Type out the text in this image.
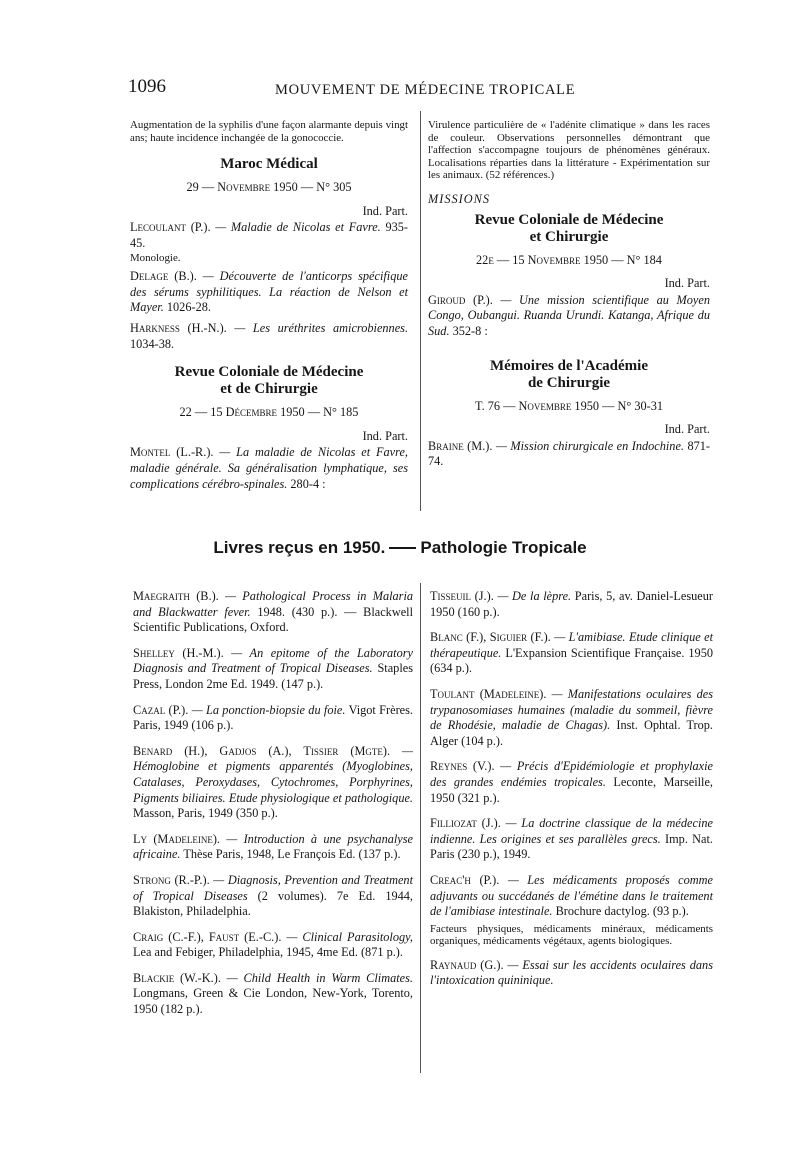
1096	MOUVEMENT DE MÉDECINE TROPICALE
Augmentation de la syphilis d'une façon alarmante depuis vingt ans; haute incidence inchangée de la gonococcie.
Maroc Médical
29 — Novembre 1950 — N° 305
Ind. Part.
Lecoulant (P.). — Maladie de Nicolas et Favre. 935-45.
Monologie.
Delage (B.). — Découverte de l'anticorps spécifique des sérums syphilitiques. La réaction de Nelson et Mayer. 1026-28.
Harkness (H.-N.). — Les uréthrites amicrobiennes. 1034-38.
Revue Coloniale de Médecine
et de Chirurgie
22 — 15 Décembre 1950 — N° 185
Ind. Part.
Montel (L.-R.). — La maladie de Nicolas et Favre, maladie générale. Sa généralisation lymphatique, ses complications cérébro-spinales. 280-4 :
Virulence particulière de « l'adénite climatique » dans les races de couleur. Observations personnelles démontrant que l'affection s'accompagne toujours de phénomènes généraux. Localisations réparties dans la littérature - Expérimentation sur les animaux. (52 références.)
MISSIONS
Revue Coloniale de Médecine
et Chirurgie
22e — 15 Novembre 1950 — N° 184
Ind. Part.
Giroud (P.). — Une mission scientifique au Moyen Congo, Oubangui. Ruanda Urundi. Katanga, Afrique du Sud. 352-8 :
Mémoires de l'Académie
de Chirurgie
T. 76 — Novembre 1950 — N° 30-31
Ind. Part.
Braine (M.). — Mission chirurgicale en Indochine. 871-74.
Livres reçus en 1950. Pathologie Tropicale
Maegraith (B.). — Pathological Process in Malaria and Blackwatter fever. 1948. (430 p.). — Blackwell Scientific Publications, Oxford.
Shelley (H.-M.). — An epitome of the Laboratory Diagnosis and Treatment of Tropical Diseases. Staples Press, London 2me Ed. 1949. (147 p.).
Cazal (P.). — La ponction-biopsie du foie. Vigot Frères. Paris, 1949 (106 p.).
Benard (H.), Gadjos (A.), Tissier (Mgte). — Hémoglobine et pigments apparentés (Myoglobines, Catalases, Peroxydases, Cytochromes, Porphyrines, Pigments biliaires. Etude physiologique et pathologique. Masson, Paris, 1949 (350 p.).
Ly (Madeleine). — Introduction à une psychanalyse africaine. Thèse Paris, 1948, Le François Ed. (137 p.).
Strong (R.-P.). — Diagnosis, Prevention and Treatment of Tropical Diseases (2 volumes). 7e Ed. 1944, Blakiston, Philadelphia.
Craig (C.-F.), Faust (E.-C.). — Clinical Parasitology, Lea and Febiger, Philadelphia, 1945, 4me Ed. (871 p.).
Blackie (W.-K.). — Child Health in Warm Climates. Longmans, Green & Cie London, New-York, Torento, 1950 (182 p.).
Tisseuil (J.). — De la lèpre. Paris, 5, av. Daniel-Lesueur 1950 (160 p.).
Blanc (F.), Siguier (F.). — L'amibiase. Etude clinique et thérapeutique. L'Expansion Scientifique Française. 1950 (634 p.).
Toulant (Madeleine). — Manifestations oculaires des trypanosomiases humaines (maladie du sommeil, fièvre de Rhodésie, maladie de Chagas). Inst. Ophtal. Trop. Alger (104 p.).
Reynes (V.). — Précis d'Epidémiologie et prophylaxie des grandes endémies tropicales. Leconte, Marseille, 1950 (321 p.).
Filliozat (J.). — La doctrine classique de la médecine indienne. Les origines et ses parallèles grecs. Imp. Nat. Paris (230 p.), 1949.
Creac'h (P.). — Les médicaments proposés comme adjuvants ou succédanés de l'émétine dans le traitement de l'amibiase intestinale. Brochure dactylog. (93 p.).
Facteurs physiques, médicaments minéraux, médicaments organiques, médicaments végétaux, agents biologiques.
Raynaud (G.). — Essai sur les accidents oculaires dans l'intoxication quininique.
